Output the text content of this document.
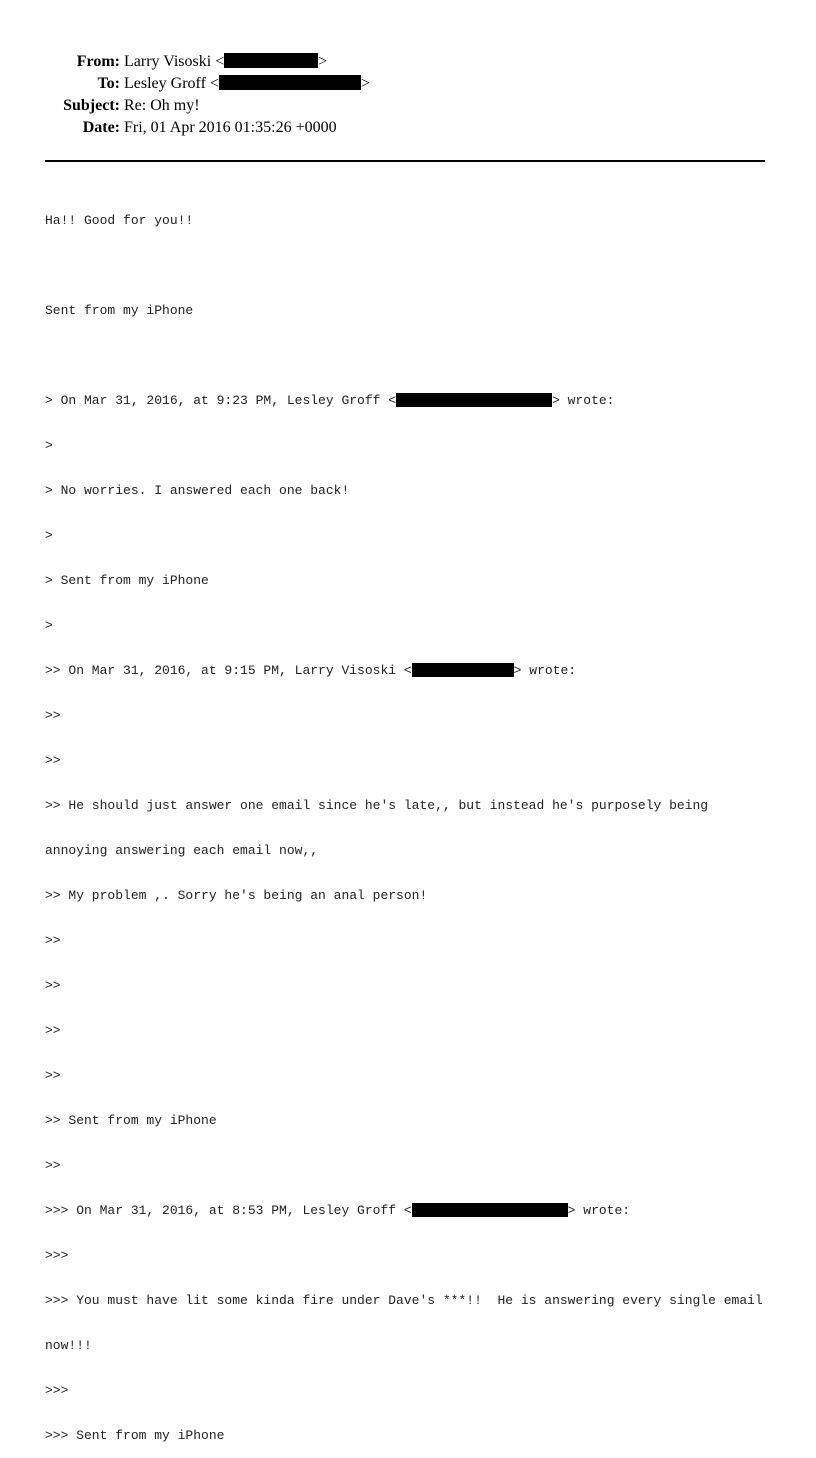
From: Larry Visoski <	>
To: Lesley Groff <	>
Subject: Re: Oh my!
Date: Fri, 01 Apr 2016 01:35:26 +0000

Ha!! Good for you!!

Sent from my iPhone

> On Mar 31, 2016, at 9:23 PM, Lesley Groff <	> wrote:

>

> No worries. I answered each one back!

>

> Sent from my iPhone

>

>> On Mar 31, 2016, at 9:15 PM, Larry Visoski <	> wrote:

>>

>>

>> He should just answer one email since he's late,, but instead he's purposely being

annoying answering each email now,,

>> My problem ,. Sorry he's being an anal person!

>>

>>

>>

>>

>> Sent from my iPhone

>>

>>> On Mar 31, 2016, at 8:53 PM, Lesley Groff <	> wrote:

>>>

>>> You must have lit some kinda fire under Dave's ***!!  He is answering every single email

now!!!

>>>

>>> Sent from my iPhone
